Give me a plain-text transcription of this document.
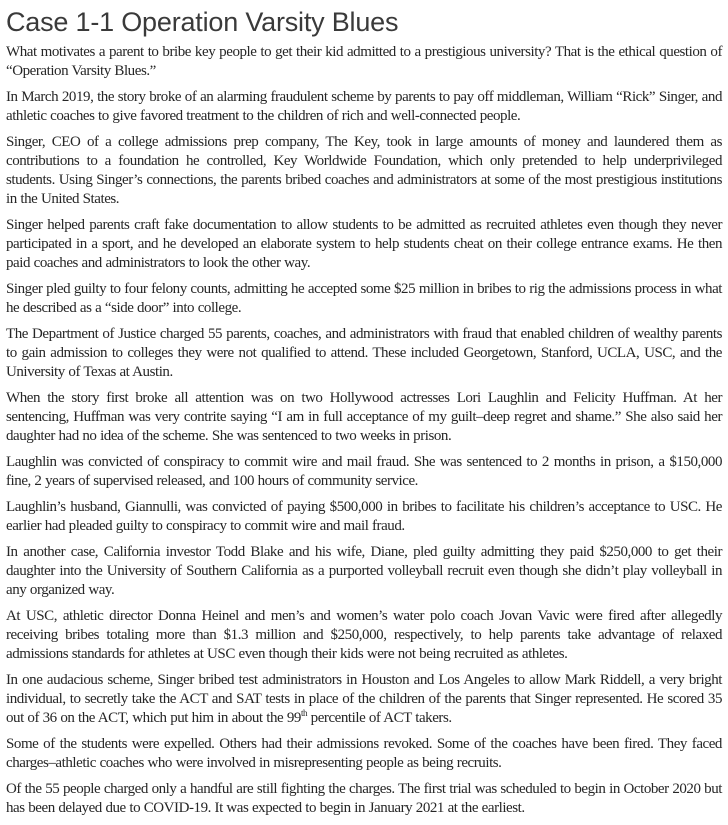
Case 1-1 Operation Varsity Blues

What motivates a parent to bribe key people to get their kid admitted to a prestigious university? That is the ethical question of “Operation Varsity Blues.”

In March 2019, the story broke of an alarming fraudulent scheme by parents to pay off middleman, William “Rick” Singer, and athletic coaches to give favored treatment to the children of rich and well-connected people.

Singer, CEO of a college admissions prep company, The Key, took in large amounts of money and laundered them as contributions to a foundation he controlled, Key Worldwide Foundation, which only pretended to help underprivileged students. Using Singer’s connections, the parents bribed coaches and administrators at some of the most prestigious institutions in the United States.

Singer helped parents craft fake documentation to allow students to be admitted as recruited athletes even though they never participated in a sport, and he developed an elaborate system to help students cheat on their college entrance exams. He then paid coaches and administrators to look the other way.

Singer pled guilty to four felony counts, admitting he accepted some $25 million in bribes to rig the admissions process in what he described as a “side door” into college.

The Department of Justice charged 55 parents, coaches, and administrators with fraud that enabled children of wealthy parents to gain admission to colleges they were not qualified to attend. These included Georgetown, Stanford, UCLA, USC, and the University of Texas at Austin.

When the story first broke all attention was on two Hollywood actresses Lori Laughlin and Felicity Huffman. At her sentencing, Huffman was very contrite saying “I am in full acceptance of my guilt–deep regret and shame.” She also said her daughter had no idea of the scheme. She was sentenced to two weeks in prison.

Laughlin was convicted of conspiracy to commit wire and mail fraud. She was sentenced to 2 months in prison, a $150,000 fine, 2 years of supervised released, and 100 hours of community service.

Laughlin’s husband, Giannulli, was convicted of paying $500,000 in bribes to facilitate his children’s acceptance to USC. He earlier had pleaded guilty to conspiracy to commit wire and mail fraud.

In another case, California investor Todd Blake and his wife, Diane, pled guilty admitting they paid $250,000 to get their daughter into the University of Southern California as a purported volleyball recruit even though she didn’t play volleyball in any organized way.

At USC, athletic director Donna Heinel and men’s and women’s water polo coach Jovan Vavic were fired after allegedly receiving bribes totaling more than $1.3 million and $250,000, respectively, to help parents take advantage of relaxed admissions standards for athletes at USC even though their kids were not being recruited as athletes.

In one audacious scheme, Singer bribed test administrators in Houston and Los Angeles to allow Mark Riddell, a very bright individual, to secretly take the ACT and SAT tests in place of the children of the parents that Singer represented. He scored 35 out of 36 on the ACT, which put him in about the 99th percentile of ACT takers.

Some of the students were expelled. Others had their admissions revoked. Some of the coaches have been fired. They faced charges–athletic coaches who were involved in misrepresenting people as being recruits.

Of the 55 people charged only a handful are still fighting the charges. The first trial was scheduled to begin in October 2020 but has been delayed due to COVID-19. It was expected to begin in January 2021 at the earliest.
